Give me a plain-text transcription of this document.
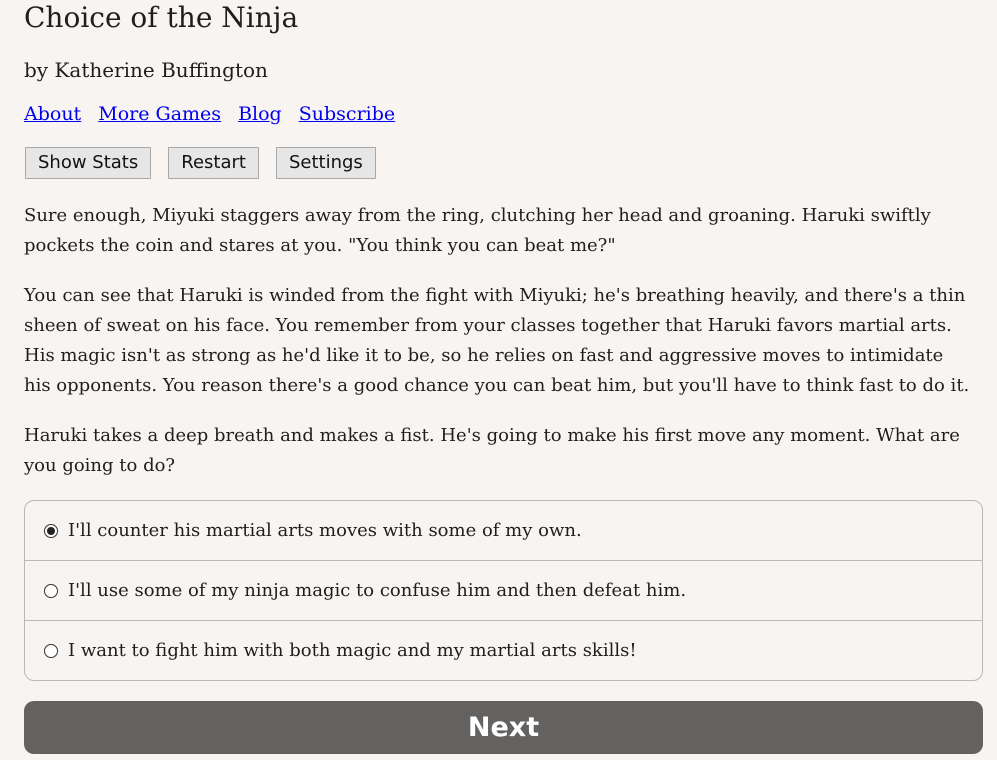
Choice of the Ninja
by Katherine Buffington
About More Games Blog Subscribe
Show Stats	Restart	Settings

Sure enough, Miyuki staggers away from the ring, clutching her head and groaning. Haruki swiftly pockets the coin and stares at you. "You think you can beat me?"

You can see that Haruki is winded from the fight with Miyuki; he's breathing heavily, and there's a thin sheen of sweat on his face. You remember from your classes together that Haruki favors martial arts. His magic isn't as strong as he'd like it to be, so he relies on fast and aggressive moves to intimidate his opponents. You reason there's a good chance you can beat him, but you'll have to think fast to do it.

Haruki takes a deep breath and makes a fist. He's going to make his first move any moment. What are you going to do?

I'll counter his martial arts moves with some of my own.
I'll use some of my ninja magic to confuse him and then defeat him.
I want to fight him with both magic and my martial arts skills!
Next
